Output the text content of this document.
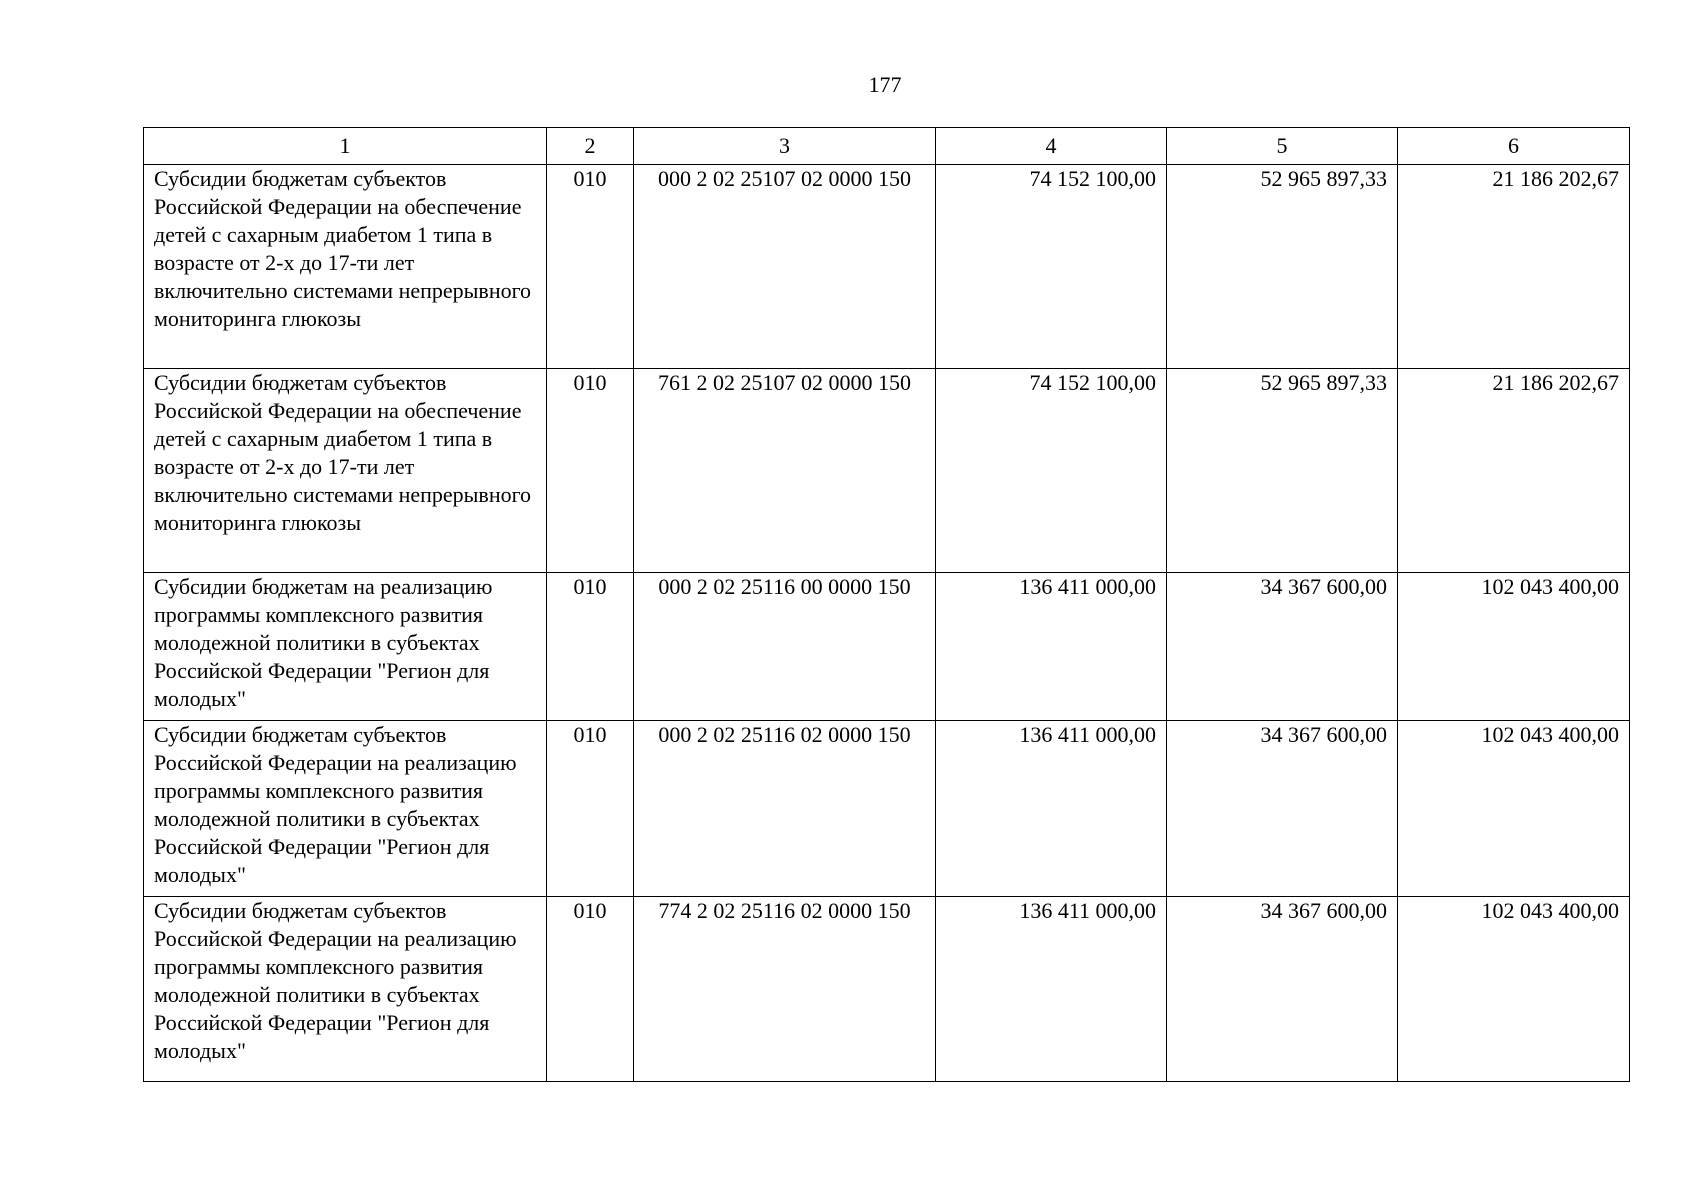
177
1	2	3	4	5	6
Субсидии бюджетам субъектов Российской Федерации на обеспечение детей с сахарным диабетом 1 типа в возрасте от 2-х до 17-ти лет включительно системами непрерывного мониторинга глюкозы	010	000 2 02 25107 02 0000 150	74 152 100,00	52 965 897,33	21 186 202,67
Субсидии бюджетам субъектов Российской Федерации на обеспечение детей с сахарным диабетом 1 типа в возрасте от 2-х до 17-ти лет включительно системами непрерывного мониторинга глюкозы	010	761 2 02 25107 02 0000 150	74 152 100,00	52 965 897,33	21 186 202,67
Субсидии бюджетам на реализацию программы комплексного развития молодежной политики в субъектах Российской Федерации "Регион для молодых"	010	000 2 02 25116 00 0000 150	136 411 000,00	34 367 600,00	102 043 400,00
Субсидии бюджетам субъектов Российской Федерации на реализацию программы комплексного развития молодежной политики в субъектах Российской Федерации "Регион для молодых"	010	000 2 02 25116 02 0000 150	136 411 000,00	34 367 600,00	102 043 400,00
Субсидии бюджетам субъектов Российской Федерации на реализацию программы комплексного развития молодежной политики в субъектах Российской Федерации "Регион для молодых"	010	774 2 02 25116 02 0000 150	136 411 000,00	34 367 600,00	102 043 400,00
